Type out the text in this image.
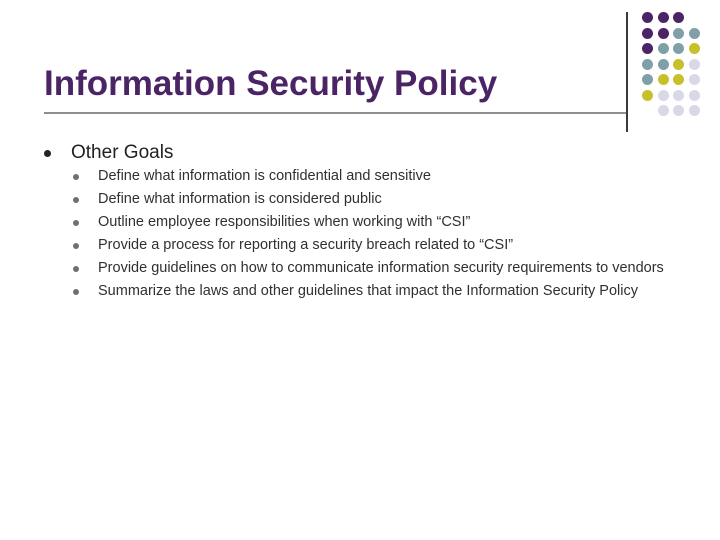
Information Security Policy
Other Goals
Define what information is confidential and sensitive
Define what information is considered public
Outline employee responsibilities when working with “CSI”
Provide a process for reporting a security breach related to “CSI”
Provide guidelines on how to communicate information security requirements to vendors
Summarize the laws and other guidelines that impact the Information Security Policy
